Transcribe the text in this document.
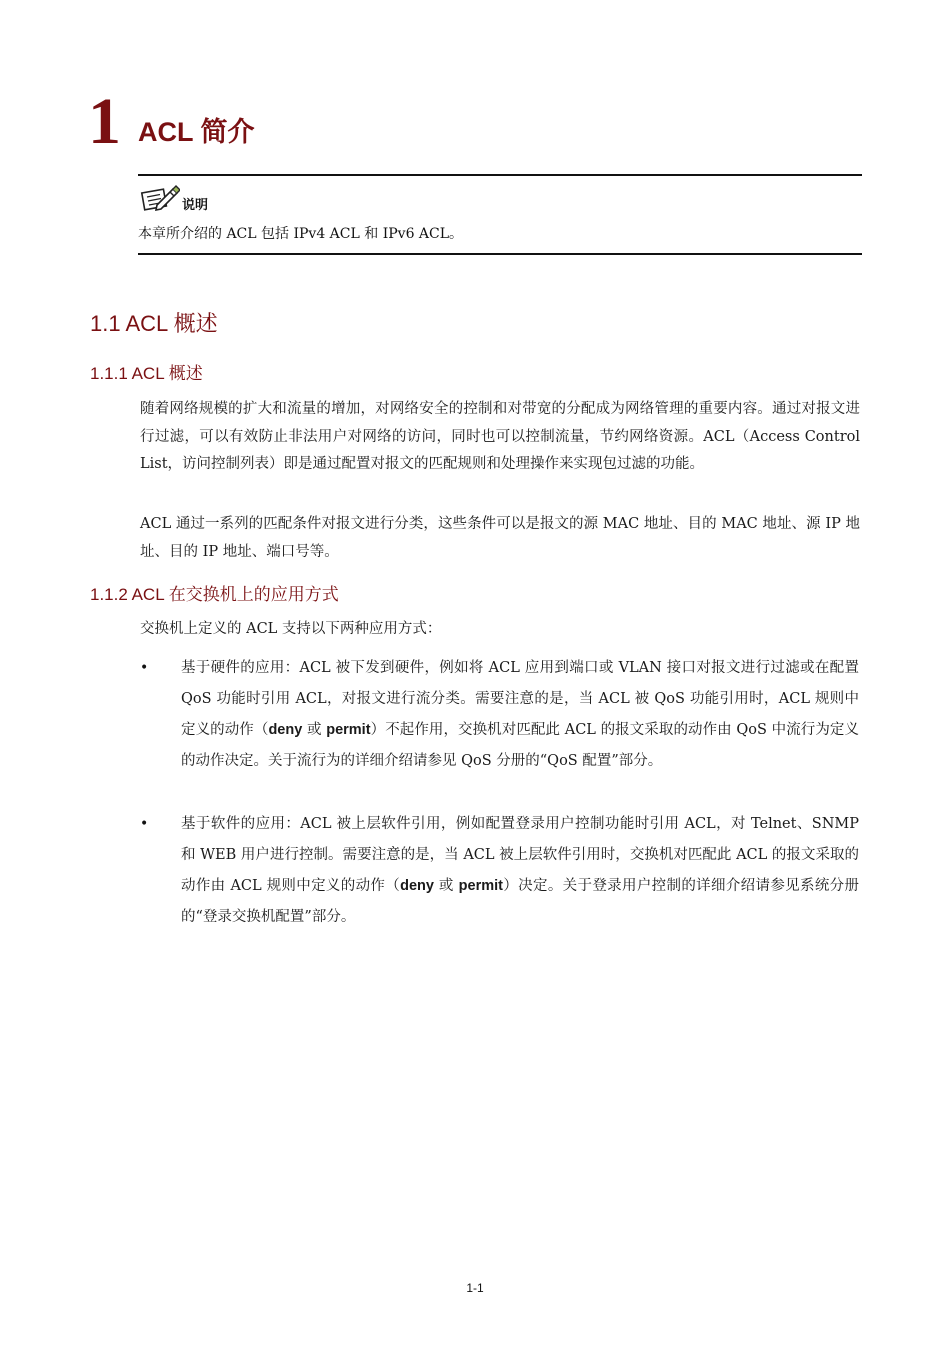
1 ACL 简介
说明
本章所介绍的 ACL 包括 IPv4 ACL 和 IPv6 ACL。
1.1 ACL 概述
1.1.1 ACL 概述

随着网络规模的扩大和流量的增加，对网络安全的控制和对带宽的分配成为网络管理的重要内容。通过对报文进行过滤，可以有效防止非法用户对网络的访问，同时也可以控制流量，节约网络资源。ACL（Access Control List，访问控制列表）即是通过配置对报文的匹配规则和处理操作来实现包过滤的功能。

ACL 通过一系列的匹配条件对报文进行分类，这些条件可以是报文的源 MAC 地址、目的 MAC 地址、源 IP 地址、目的 IP 地址、端口号等。

1.1.2 ACL 在交换机上的应用方式

交换机上定义的 ACL 支持以下两种应用方式：

• 基于硬件的应用：ACL 被下发到硬件，例如将 ACL 应用到端口或 VLAN 接口对报文进行过滤或在配置 QoS 功能时引用 ACL，对报文进行流分类。需要注意的是，当 ACL 被 QoS 功能引用时，ACL 规则中定义的动作（deny 或 permit）不起作用，交换机对匹配此 ACL 的报文采取的动作由 QoS 中流行为定义的动作决定。关于流行为的详细介绍请参见 QoS 分册的“QoS 配置”部分。

• 基于软件的应用：ACL 被上层软件引用，例如配置登录用户控制功能时引用 ACL，对 Telnet、SNMP 和 WEB 用户进行控制。需要注意的是，当 ACL 被上层软件引用时，交换机对匹配此 ACL 的报文采取的动作由 ACL 规则中定义的动作（deny 或 permit）决定。关于登录用户控制的详细介绍请参见系统分册的“登录交换机配置”部分。

1-1
